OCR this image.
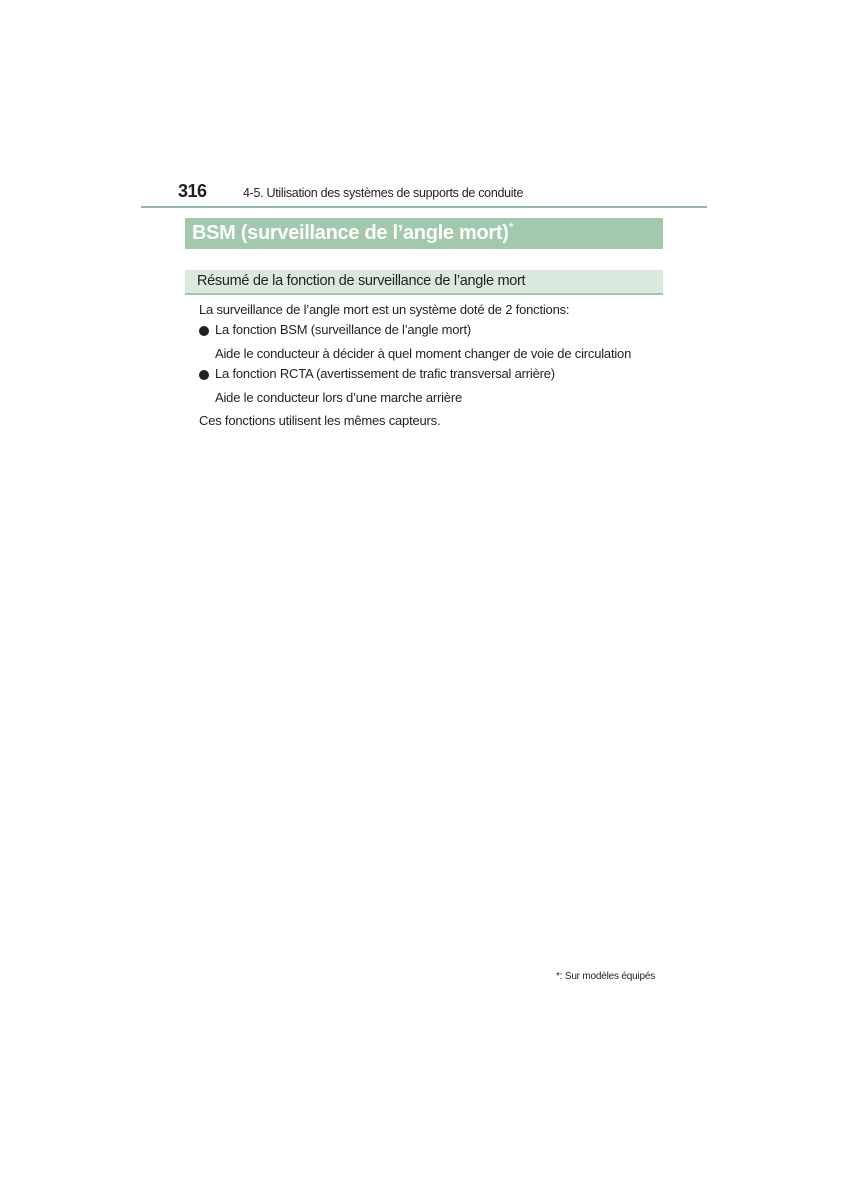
316	4-5. Utilisation des systèmes de supports de conduite
BSM (surveillance de l’angle mort)*
Résumé de la fonction de surveillance de l’angle mort
La surveillance de l’angle mort est un système doté de 2 fonctions:
La fonction BSM (surveillance de l’angle mort)
Aide le conducteur à décider à quel moment changer de voie de circulation
La fonction RCTA (avertissement de trafic transversal arrière)
Aide le conducteur lors d’une marche arrière
Ces fonctions utilisent les mêmes capteurs.
*: Sur modèles équipés
